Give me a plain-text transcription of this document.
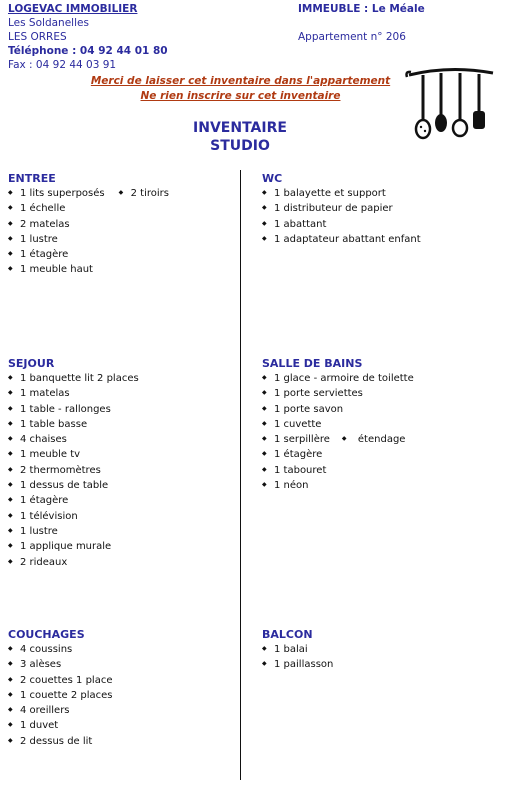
LOGEVAC IMMOBILIER
Les Soldanelles
LES ORRES
Téléphone : 04 92 44 01 80
Fax : 04 92 44 03 91
IMMEUBLE : Le Méale
Appartement n° 206
Merci de laisser cet inventaire dans l'appartement
Ne rien inscrire sur cet inventaire
INVENTAIRE
STUDIO
ENTREE
◆ 1 lits superposés ◆ 2 tiroirs
◆ 1 échelle
◆ 2 matelas
◆ 1 lustre
◆ 1 étagère
◆ 1 meuble haut
WC
◆ 1 balayette et support
◆ 1 distributeur de papier
◆ 1 abattant
◆ 1 adaptateur abattant enfant
SEJOUR
◆ 1 banquette lit 2 places
◆ 1 matelas
◆ 1 table - rallonges
◆ 1 table basse
◆ 4 chaises
◆ 1 meuble tv
◆ 2 thermomètres
◆ 1 dessus de table
◆ 1 étagère
◆ 1 télévision
◆ 1 lustre
◆ 1 applique murale
◆ 2 rideaux
SALLE DE BAINS
◆ 1 glace - armoire de toilette
◆ 1 porte serviettes
◆ 1 porte savon
◆ 1 cuvette
◆ 1 serpillère ◆ étendage
◆ 1 étagère
◆ 1 tabouret
◆ 1 néon
COUCHAGES
◆ 4 coussins
◆ 3 alèses
◆ 2 couettes 1 place
◆ 1 couette 2 places
◆ 4 oreillers
◆ 1 duvet
◆ 2 dessus de lit
BALCON
◆ 1 balai
◆ 1 paillasson
